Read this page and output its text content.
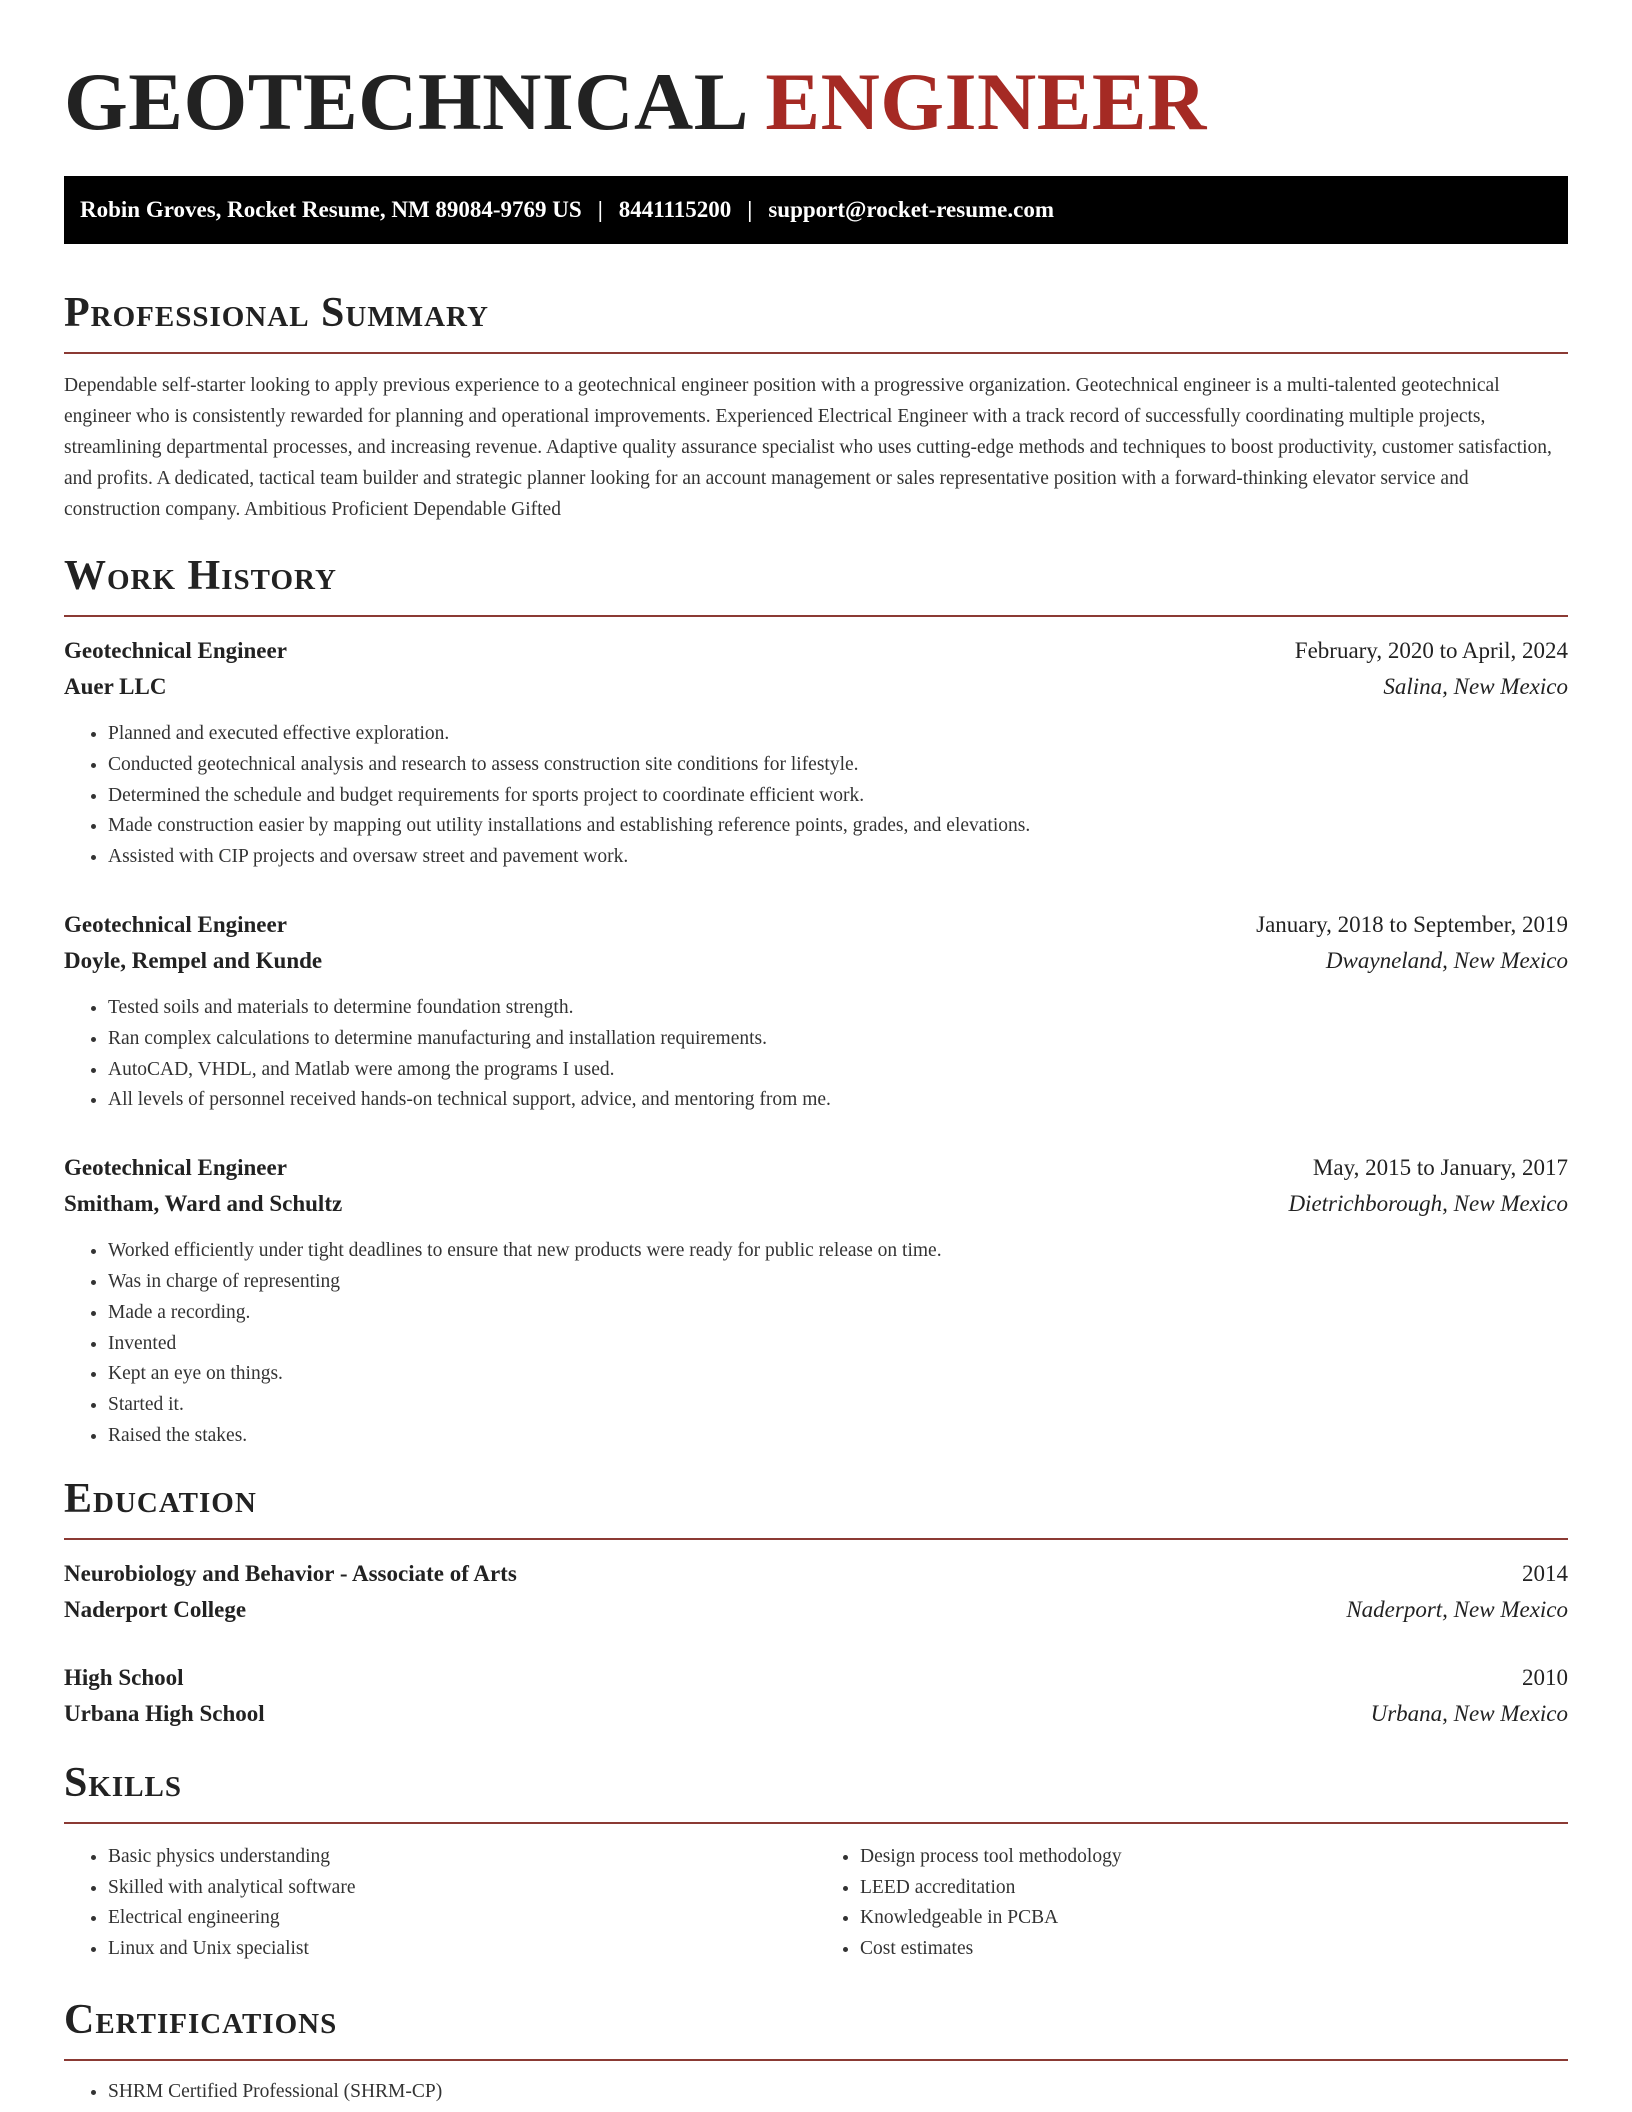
GEOTECHNICAL ENGINEER
Robin Groves, Rocket Resume, NM 89084-9769 US | 8441115200 | support@rocket-resume.com
Professional Summary

Dependable self-starter looking to apply previous experience to a geotechnical engineer position with a progressive organization. Geotechnical engineer is a multi-talented geotechnical engineer who is consistently rewarded for planning and operational improvements. Experienced Electrical Engineer with a track record of successfully coordinating multiple projects, streamlining departmental processes, and increasing revenue. Adaptive quality assurance specialist who uses cutting-edge methods and techniques to boost productivity, customer satisfaction, and profits. A dedicated, tactical team builder and strategic planner looking for an account management or sales representative position with a forward-thinking elevator service and construction company. Ambitious Proficient Dependable Gifted

Work History
Geotechnical Engineer	February, 2020 to April, 2024
Auer LLC	Salina, New Mexico
• Planned and executed effective exploration.
• Conducted geotechnical analysis and research to assess construction site conditions for lifestyle.
• Determined the schedule and budget requirements for sports project to coordinate efficient work.
• Made construction easier by mapping out utility installations and establishing reference points, grades, and elevations.
• Assisted with CIP projects and oversaw street and pavement work.
Geotechnical Engineer	January, 2018 to September, 2019
Doyle, Rempel and Kunde	Dwayneland, New Mexico
• Tested soils and materials to determine foundation strength.
• Ran complex calculations to determine manufacturing and installation requirements.
• AutoCAD, VHDL, and Matlab were among the programs I used.
• All levels of personnel received hands-on technical support, advice, and mentoring from me.
Geotechnical Engineer	May, 2015 to January, 2017
Smitham, Ward and Schultz	Dietrichborough, New Mexico
• Worked efficiently under tight deadlines to ensure that new products were ready for public release on time.
• Was in charge of representing
• Made a recording.
• Invented
• Kept an eye on things.
• Started it.
• Raised the stakes.
Education
Neurobiology and Behavior - Associate of Arts	2014
Naderport College	Naderport, New Mexico
High School	2010
Urbana High School	Urbana, New Mexico
Skills
• Basic physics understanding
• Skilled with analytical software
• Electrical engineering
• Linux and Unix specialist
• Design process tool methodology
• LEED accreditation
• Knowledgeable in PCBA
• Cost estimates
Certifications
• SHRM Certified Professional (SHRM-CP)
